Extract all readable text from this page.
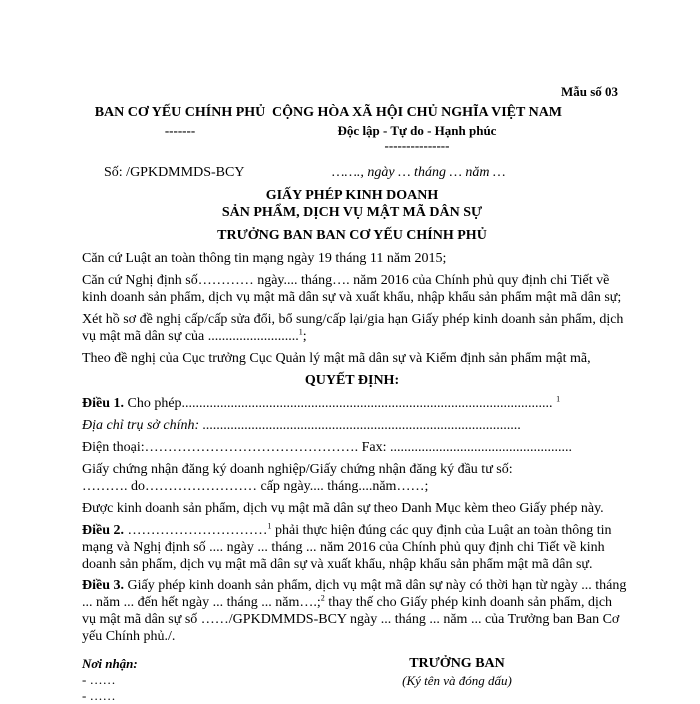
Mẫu số 03
BAN CƠ YẾU CHÍNH PHỦ
-------
CỘNG HÒA XÃ HỘI CHỦ NGHĨA VIỆT NAM
Độc lập - Tự do - Hạnh phúc
---------------
Số: /GPKDMMDS-BCY	……., ngày … tháng … năm …
GIẤY PHÉP KINH DOANH
SẢN PHẨM, DỊCH VỤ MẬT MÃ DÂN SỰ
TRƯỞNG BAN BAN CƠ YẾU CHÍNH PHỦ
Căn cứ Luật an toàn thông tin mạng ngày 19 tháng 11 năm 2015;
Căn cứ Nghị định số………… ngày.... tháng…. năm 2016 của Chính phủ quy định chi Tiết về
kinh doanh sản phẩm, dịch vụ mật mã dân sự và xuất khẩu, nhập khẩu sản phẩm mật mã dân sự;
Xét hồ sơ đề nghị cấp/cấp sửa đổi, bổ sung/cấp lại/gia hạn Giấy phép kinh doanh sản phẩm, dịch
vụ mật mã dân sự của ..........................$^1$;
Theo đề nghị của Cục trưởng Cục Quản lý mật mã dân sự và Kiểm định sản phẩm mật mã,
QUYẾT ĐỊNH:
Điều 1. Cho phép.......................................................................................................... $^1$
Địa chỉ trụ sở chính: ...........................................................................................
Điện thoại:………………………………………. Fax: ....................................................
Giấy chứng nhận đăng ký doanh nghiệp/Giấy chứng nhận đăng ký đầu tư số:
………. do…………………… cấp ngày.... tháng....năm……;
Được kinh doanh sản phẩm, dịch vụ mật mã dân sự theo Danh Mục kèm theo Giấy phép này.
Điều 2. …………………………$^1$ phải thực hiện đúng các quy định của Luật an toàn thông tin
mạng và Nghị định số .... ngày ... tháng ... năm 2016 của Chính phủ quy định chi Tiết về kinh
doanh sản phẩm, dịch vụ mật mã dân sự và xuất khẩu, nhập khẩu sản phẩm mật mã dân sự.
Điều 3. Giấy phép kinh doanh sản phẩm, dịch vụ mật mã dân sự này có thời hạn từ ngày ... tháng
... năm ... đến hết ngày ... tháng ... năm….;$^2$ thay thế cho Giấy phép kinh doanh sản phẩm, dịch
vụ mật mã dân sự số ……/GPKDMMDS-BCY ngày ... tháng ... năm ... của Trưởng ban Ban Cơ
yếu Chính phủ./.
Nơi nhận:
- ……
- ……
TRƯỞNG BAN
(Ký tên và đóng dấu)
